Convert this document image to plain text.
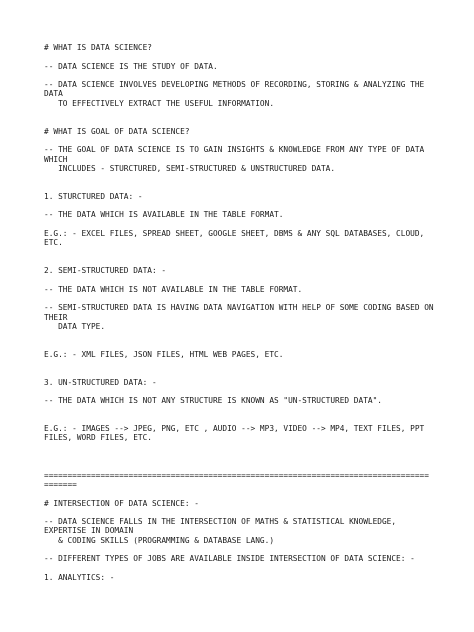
# WHAT IS DATA SCIENCE?
-- DATA SCIENCE IS THE STUDY OF DATA.
-- DATA SCIENCE INVOLVES DEVELOPING METHODS OF RECORDING, STORING & ANALYZING THE
DATA
TO EFFECTIVELY EXTRACT THE USEFUL INFORMATION.
# WHAT IS GOAL OF DATA SCIENCE?
-- THE GOAL OF DATA SCIENCE IS TO GAIN INSIGHTS & KNOWLEDGE FROM ANY TYPE OF DATA
WHICH
INCLUDES - STURCTURED, SEMI-STRUCTURED & UNSTRUCTURED DATA.
1. STURCTURED DATA: -
-- THE DATA WHICH IS AVAILABLE IN THE TABLE FORMAT.
E.G.: - EXCEL FILES, SPREAD SHEET, GOOGLE SHEET, DBMS & ANY SQL DATABASES, CLOUD,
ETC.
2. SEMI-STRUCTURED DATA: -
-- THE DATA WHICH IS NOT AVAILABLE IN THE TABLE FORMAT.
-- SEMI-STRUCTURED DATA IS HAVING DATA NAVIGATION WITH HELP OF SOME CODING BASED ON
THEIR
DATA TYPE.
E.G.: - XML FILES, JSON FILES, HTML WEB PAGES, ETC.
3. UN-STRUCTURED DATA: -
-- THE DATA WHICH IS NOT ANY STRUCTURE IS KNOWN AS "UN-STRUCTURED DATA".
E.G.: - IMAGES --> JPEG, PNG, ETC , AUDIO --> MP3, VIDEO --> MP4, TEXT FILES, PPT
FILES, WORD FILES, ETC.
==================================================================================
=======
# INTERSECTION OF DATA SCIENCE: -
-- DATA SCIENCE FALLS IN THE INTERSECTION OF MATHS & STATISTICAL KNOWLEDGE,
EXPERTISE IN DOMAIN
& CODING SKILLS (PROGRAMMING & DATABASE LANG.)
-- DIFFERENT TYPES OF JOBS ARE AVAILABLE INSIDE INTERSECTION OF DATA SCIENCE: -
1. ANALYTICS: -
